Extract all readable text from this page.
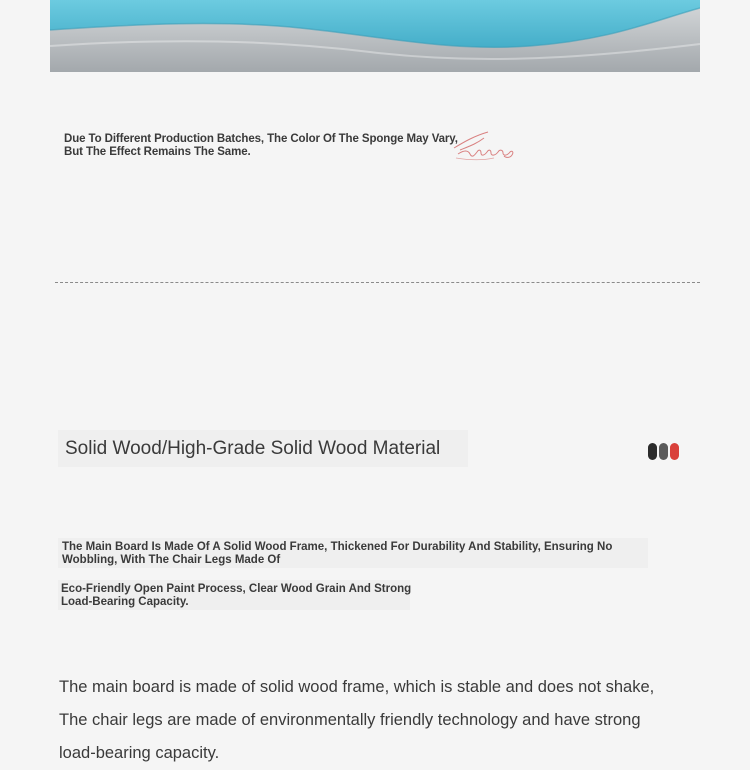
Due To Different Production Batches, The Color Of The Sponge May Vary,
But The Effect Remains The Same.
Solid Wood/High-Grade Solid Wood Material
The Main Board Is Made Of A Solid Wood Frame, Thickened For Durability And Stability, Ensuring No
Wobbling, With The Chair Legs Made Of
Eco-Friendly Open Paint Process, Clear Wood Grain And Strong
Load-Bearing Capacity.
The main board is made of solid wood frame, which is stable and does not shake,
The chair legs are made of environmentally friendly technology and have strong
load-bearing capacity.
